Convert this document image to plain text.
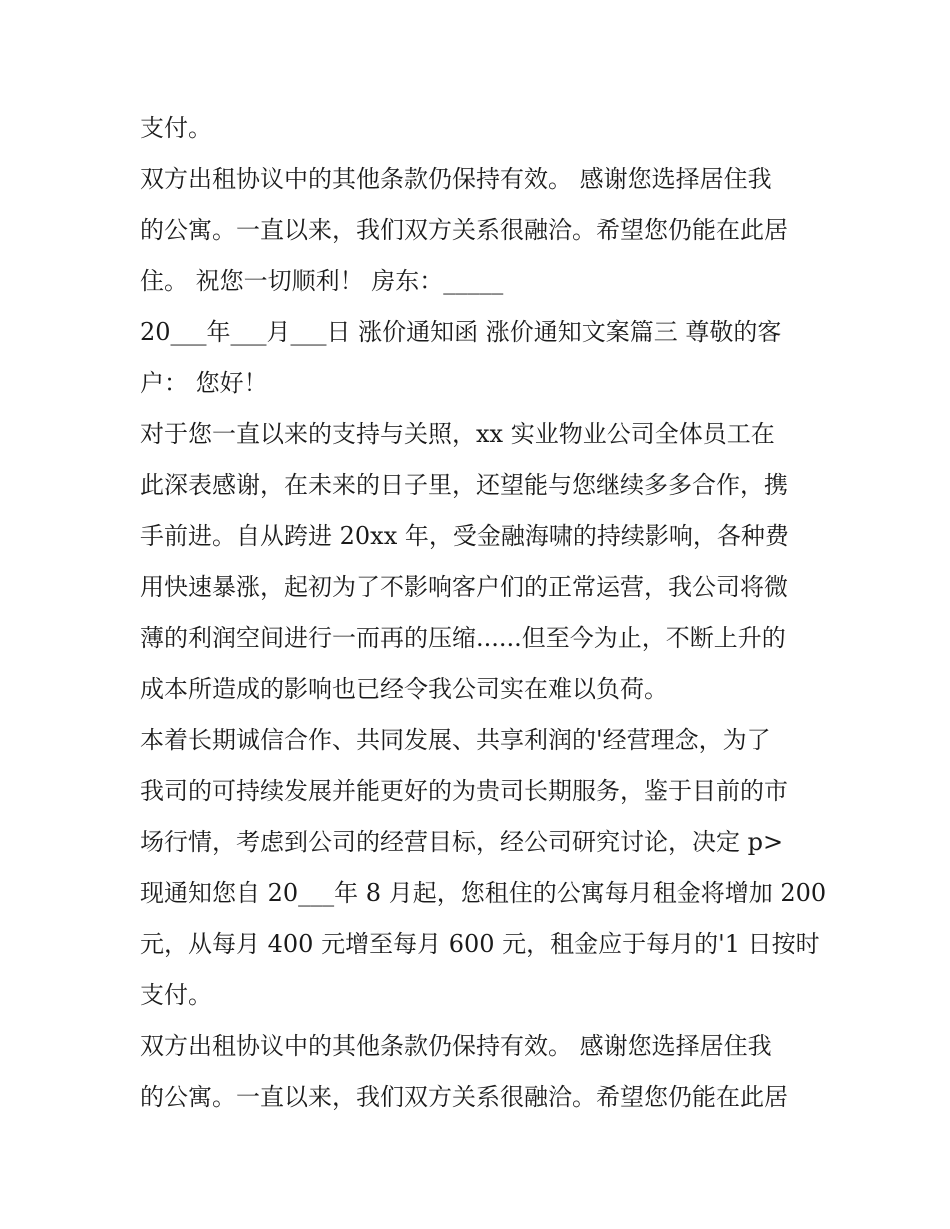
支付。
双方出租协议中的其他条款仍保持有效。 感谢您选择居住我
的公寓。一直以来，我们双方关系很融洽。希望您仍能在此居
住。 祝您一切顺利！ 房东：_____
20___年___月___日 涨价通知函 涨价通知文案篇三 尊敬的客
户： 您好！
对于您一直以来的支持与关照，xx 实业物业公司全体员工在
此深表感谢，在未来的日子里，还望能与您继续多多合作，携
手前进。自从跨进 20xx 年，受金融海啸的持续影响，各种费
用快速暴涨，起初为了不影响客户们的正常运营，我公司将微
薄的利润空间进行一而再的压缩......但至今为止，不断上升的
成本所造成的影响也已经令我公司实在难以负荷。
本着长期诚信合作、共同发展、共享利润的'经营理念，为了
我司的可持续发展并能更好的为贵司长期服务，鉴于目前的市
场行情，考虑到公司的经营目标，经公司研究讨论，决定 p>
现通知您自 20___年 8 月起，您租住的公寓每月租金将增加 200
元，从每月 400 元增至每月 600 元，租金应于每月的'1 日按时
支付。
双方出租协议中的其他条款仍保持有效。 感谢您选择居住我
的公寓。一直以来，我们双方关系很融洽。希望您仍能在此居
